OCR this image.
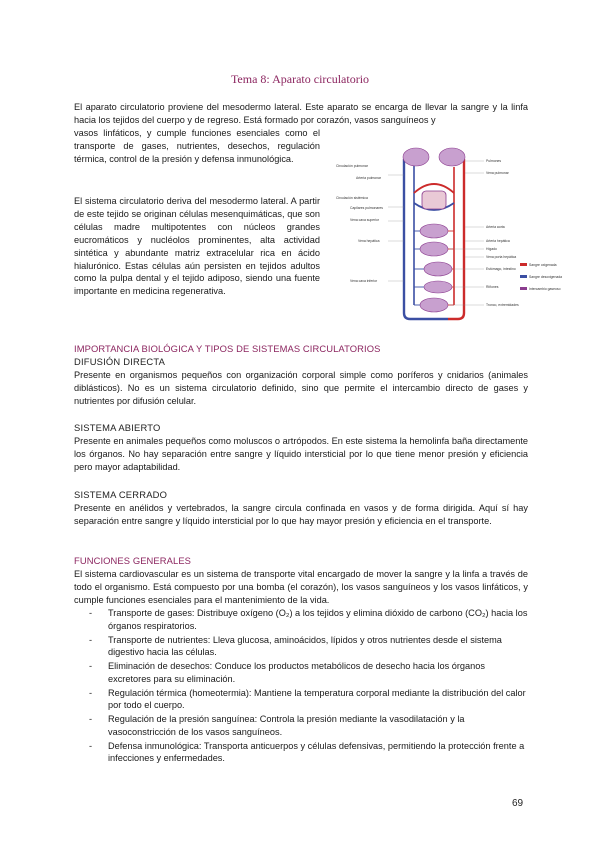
Tema 8: Aparato circulatorio

El aparato circulatorio proviene del mesodermo lateral. Este aparato se encarga de llevar la sangre y la linfa hacia los tejidos del cuerpo y de regreso. Está formado por corazón, vasos sanguíneos y

vasos linfáticos, y cumple funciones esenciales como el transporte de gases, nutrientes, desechos, regulación térmica, control de la presión y defensa inmunológica.

El sistema circulatorio deriva del mesodermo lateral. A partir de este tejido se originan células mesenquimáticas, que son células madre multipotentes con núcleos grandes eucromáticos y nucléolos prominentes, alta actividad sintética y abundante matriz extracelular rica en ácido hialurónico. Estas células aún persisten en tejidos adultos como la pulpa dental y el tejido adiposo, siendo una fuente importante en medicina regenerativa.

Circulación pulmonar
Arteria pulmonar
Capilares pulmonares
Circulación sistémica
Vena cava superior
Vena hepática
Vena cava inferior
Pulmones
Vena pulmonar
Arteria aorta
Hígado
Arteria hepática
Vena porta hepática
Estómago, intestino
Riñones
Tronco, extremidades
Sangre oxigenada
Sangre desoxigenada
Intercambio gaseoso
IMPORTANCIA BIOLÓGICA Y TIPOS DE SISTEMAS CIRCULATORIOS
DIFUSIÓN DIRECTA

Presente en organismos pequeños con organización corporal simple como poríferos y cnidarios (animales diblásticos). No es un sistema circulatorio definido, sino que permite el intercambio directo de gases y nutrientes por difusión celular.

SISTEMA ABIERTO

Presente en animales pequeños como moluscos o artrópodos. En este sistema la hemolinfa baña directamente los órganos. No hay separación entre sangre y líquido intersticial por lo que tiene menor presión y eficiencia pero mayor adaptabilidad.

SISTEMA CERRADO

Presente en anélidos y vertebrados, la sangre circula confinada en vasos y de forma dirigida. Aquí sí hay separación entre sangre y líquido intersticial por lo que hay mayor presión y eficiencia en el transporte.

FUNCIONES GENERALES

El sistema cardiovascular es un sistema de transporte vital encargado de mover la sangre y la linfa a través de todo el organismo. Está compuesto por una bomba (el corazón), los vasos sanguíneos y los vasos linfáticos, y cumple funciones esenciales para el mantenimiento de la vida.

- Transporte de gases: Distribuye oxígeno (O₂) a los tejidos y elimina dióxido de carbono (CO₂) hacia los órganos respiratorios.
- Transporte de nutrientes: Lleva glucosa, aminoácidos, lípidos y otros nutrientes desde el sistema digestivo hacia las células.
- Eliminación de desechos: Conduce los productos metabólicos de desecho hacia los órganos excretores para su eliminación.
- Regulación térmica (homeotermia): Mantiene la temperatura corporal mediante la distribución del calor por todo el cuerpo.
- Regulación de la presión sanguínea: Controla la presión mediante la vasodilatación y la vasoconstricción de los vasos sanguíneos.
- Defensa inmunológica: Transporta anticuerpos y células defensivas, permitiendo la protección frente a infecciones y enfermedades.
69
